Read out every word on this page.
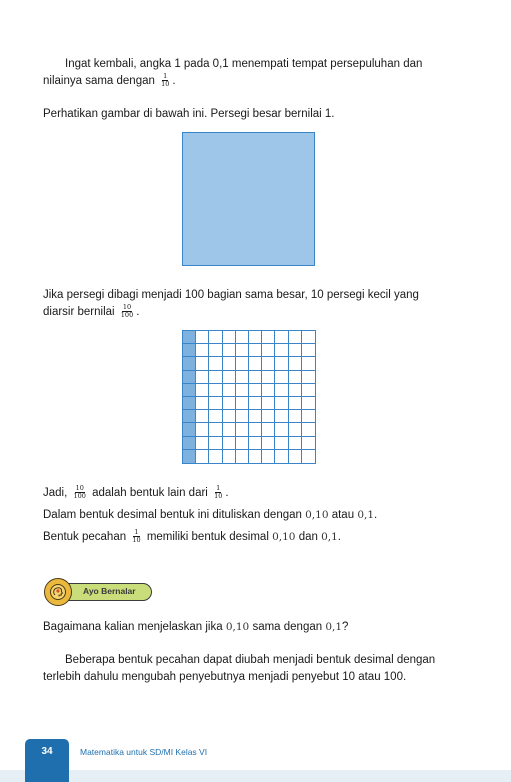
Ingat kembali, angka 1 pada 0,1 menempati tempat persepuluhan dan
nilainya sama dengan $\frac{1}{10}$ .
Perhatikan gambar di bawah ini. Persegi besar bernilai 1.
Jika persegi dibagi menjadi 100 bagian sama besar, 10 persegi kecil yang
diarsir bernilai $\frac{10}{100}$ .
Jadi, $\frac{10}{100}$ adalah bentuk lain dari $\frac{1}{10}$ .
Dalam bentuk desimal bentuk ini dituliskan dengan 0,10 atau 0,1.
Bentuk pecahan $\frac{1}{10}$ memiliki bentuk desimal 0,10 dan 0,1.
Ayo Bernalar
Bagaimana kalian menjelaskan jika 0,10 sama dengan 0,1?
Beberapa bentuk pecahan dapat diubah menjadi bentuk desimal dengan
terlebih dahulu mengubah penyebutnya menjadi penyebut 10 atau 100.
34	Matematika untuk SD/MI Kelas VI
